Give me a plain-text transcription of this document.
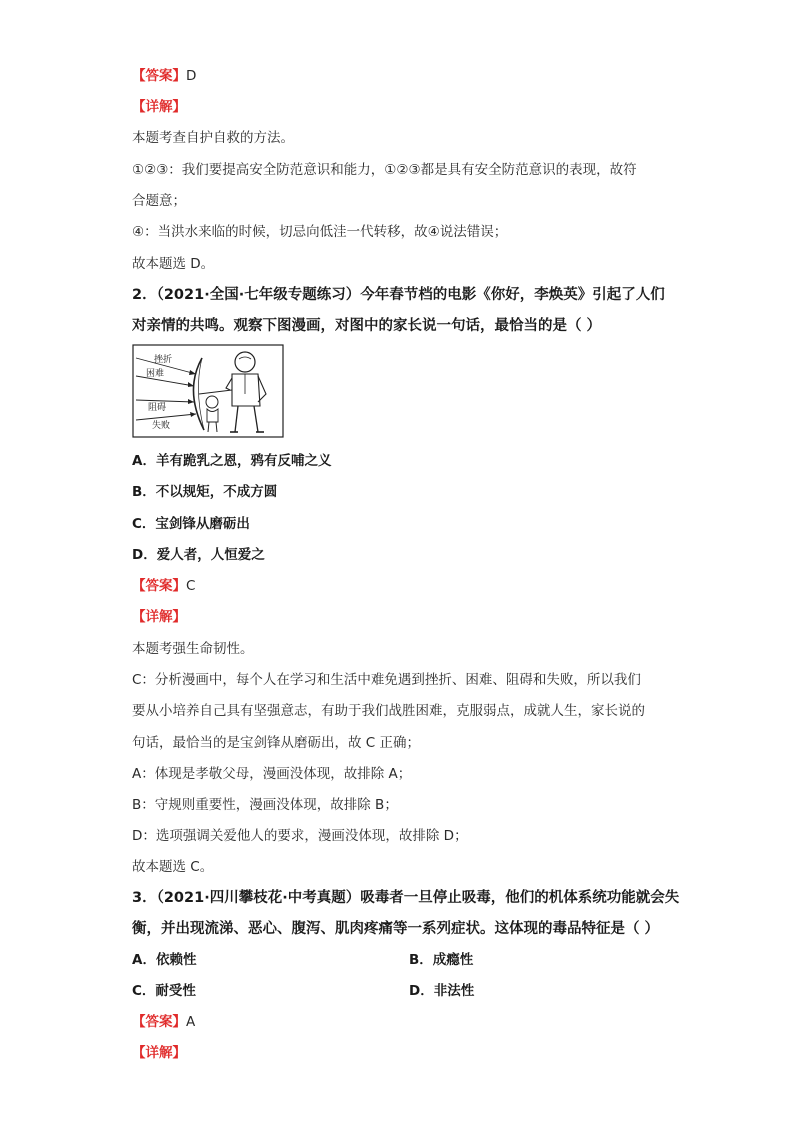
【答案】D
【详解】
本题考查自护自救的方法。
①②③：我们要提高安全防范意识和能力，①②③都是具有安全防范意识的表现，故符
合题意；
④：当洪水来临的时候，切忌向低洼一代转移，故④说法错误；
故本题选 D。
2．（2021·全国·七年级专题练习）今年春节档的电影《你好，李焕英》引起了人们
对亲情的共鸣。观察下图漫画，对图中的家长说一句话，最恰当的是（ ）
挫折
困难
阻碍
失败
A．羊有跪乳之恩，鸦有反哺之义
B．不以规矩，不成方圆
C．宝剑锋从磨砺出
D．爱人者，人恒爱之
【答案】C
【详解】
本题考强生命韧性。
C：分析漫画中，每个人在学习和生活中难免遇到挫折、困难、阻碍和失败，所以我们
要从小培养自己具有坚强意志，有助于我们战胜困难，克服弱点，成就人生，家长说的
句话，最恰当的是宝剑锋从磨砺出，故 C 正确；
A：体现是孝敬父母，漫画没体现，故排除 A；
B：守规则重要性，漫画没体现，故排除 B；
D：选项强调关爱他人的要求，漫画没体现，故排除 D；
故本题选 C。
3．（2021·四川攀枝花·中考真题）吸毒者一旦停止吸毒，他们的机体系统功能就会失
衡，并出现流涕、恶心、腹泻、肌肉疼痛等一系列症状。这体现的毒品特征是（ ）
A．依赖性	B．成瘾性
C．耐受性	D．非法性
【答案】A
【详解】
